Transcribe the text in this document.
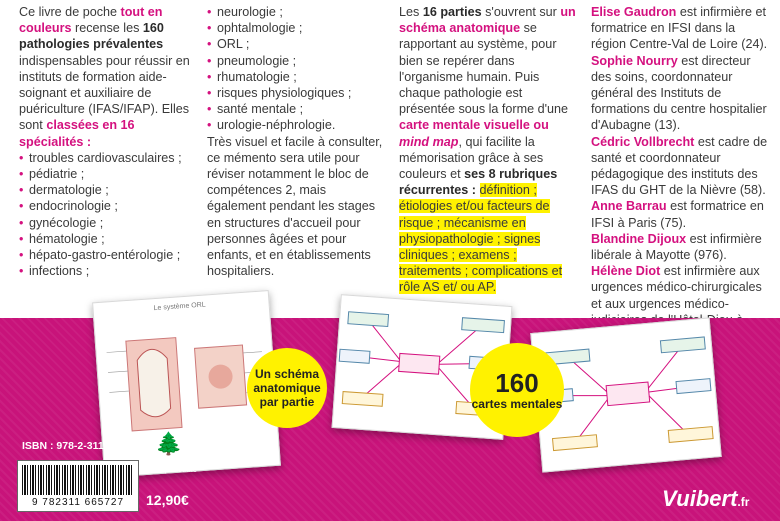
Ce livre de poche tout en couleurs recense les 160 pathologies prévalentes indispensables pour réussir en instituts de formation aide-soignant et auxiliaire de puériculture (IFAS/IFAP). Elles sont classées en 16 spécialités :

• troubles cardiovasculaires ;
• pédiatrie ;
• dermatologie ;
• endocrinologie ;
• gynécologie ;
• hématologie ;
• hépato-gastro-entérologie ;
• infections ;
• neurologie ;
• ophtalmologie ;
• ORL ;
• pneumologie ;
• rhumatologie ;
• risques physiologiques ;
• santé mentale ;
• urologie-néphrologie.

Très visuel et facile à consulter, ce mémento sera utile pour réviser notamment le bloc de compétences 2, mais également pendant les stages en structures d'accueil pour personnes âgées et pour enfants, et en établissements hospitaliers.

Les 16 parties s'ouvrent sur un schéma anatomique se rapportant au système, pour bien se repérer dans l'organisme humain. Puis chaque pathologie est présentée sous la forme d'une carte mentale visuelle ou mind map, qui facilite la mémorisation grâce à ses couleurs et ses 8 rubriques récurrentes : définition ; étiologies et/ou facteurs de risque ; mécanisme en physiopathologie ; signes cliniques ; examens ; traitements ; complications et rôle AS et/ ou AP.

Elise Gaudron est infirmière et formatrice en IFSI dans la région Centre-Val de Loire (24).

Sophie Nourry est directeur des soins, coordonnateur général des Instituts de formations du centre hospitalier d'Aubagne (13).

Cédric Vollbrecht est cadre de santé et coordonnateur pédagogique des instituts des IFAS du GHT de la Nièvre (58).

Anne Barrau est formatrice en IFSI à Paris (75).

Blandine Dijoux est infirmière libérale à Mayotte (976).

Hélène Diot est infirmière aux urgences médico-chirurgicales et aux urgences médico-

Le système ORL
Un schéma anatomique par partie
160
cartes mentales
ISBN : 978-2-311-66572-7
9 782311 665727
🌲
livre écoresponsable
12,90€	Vuibert.fr
